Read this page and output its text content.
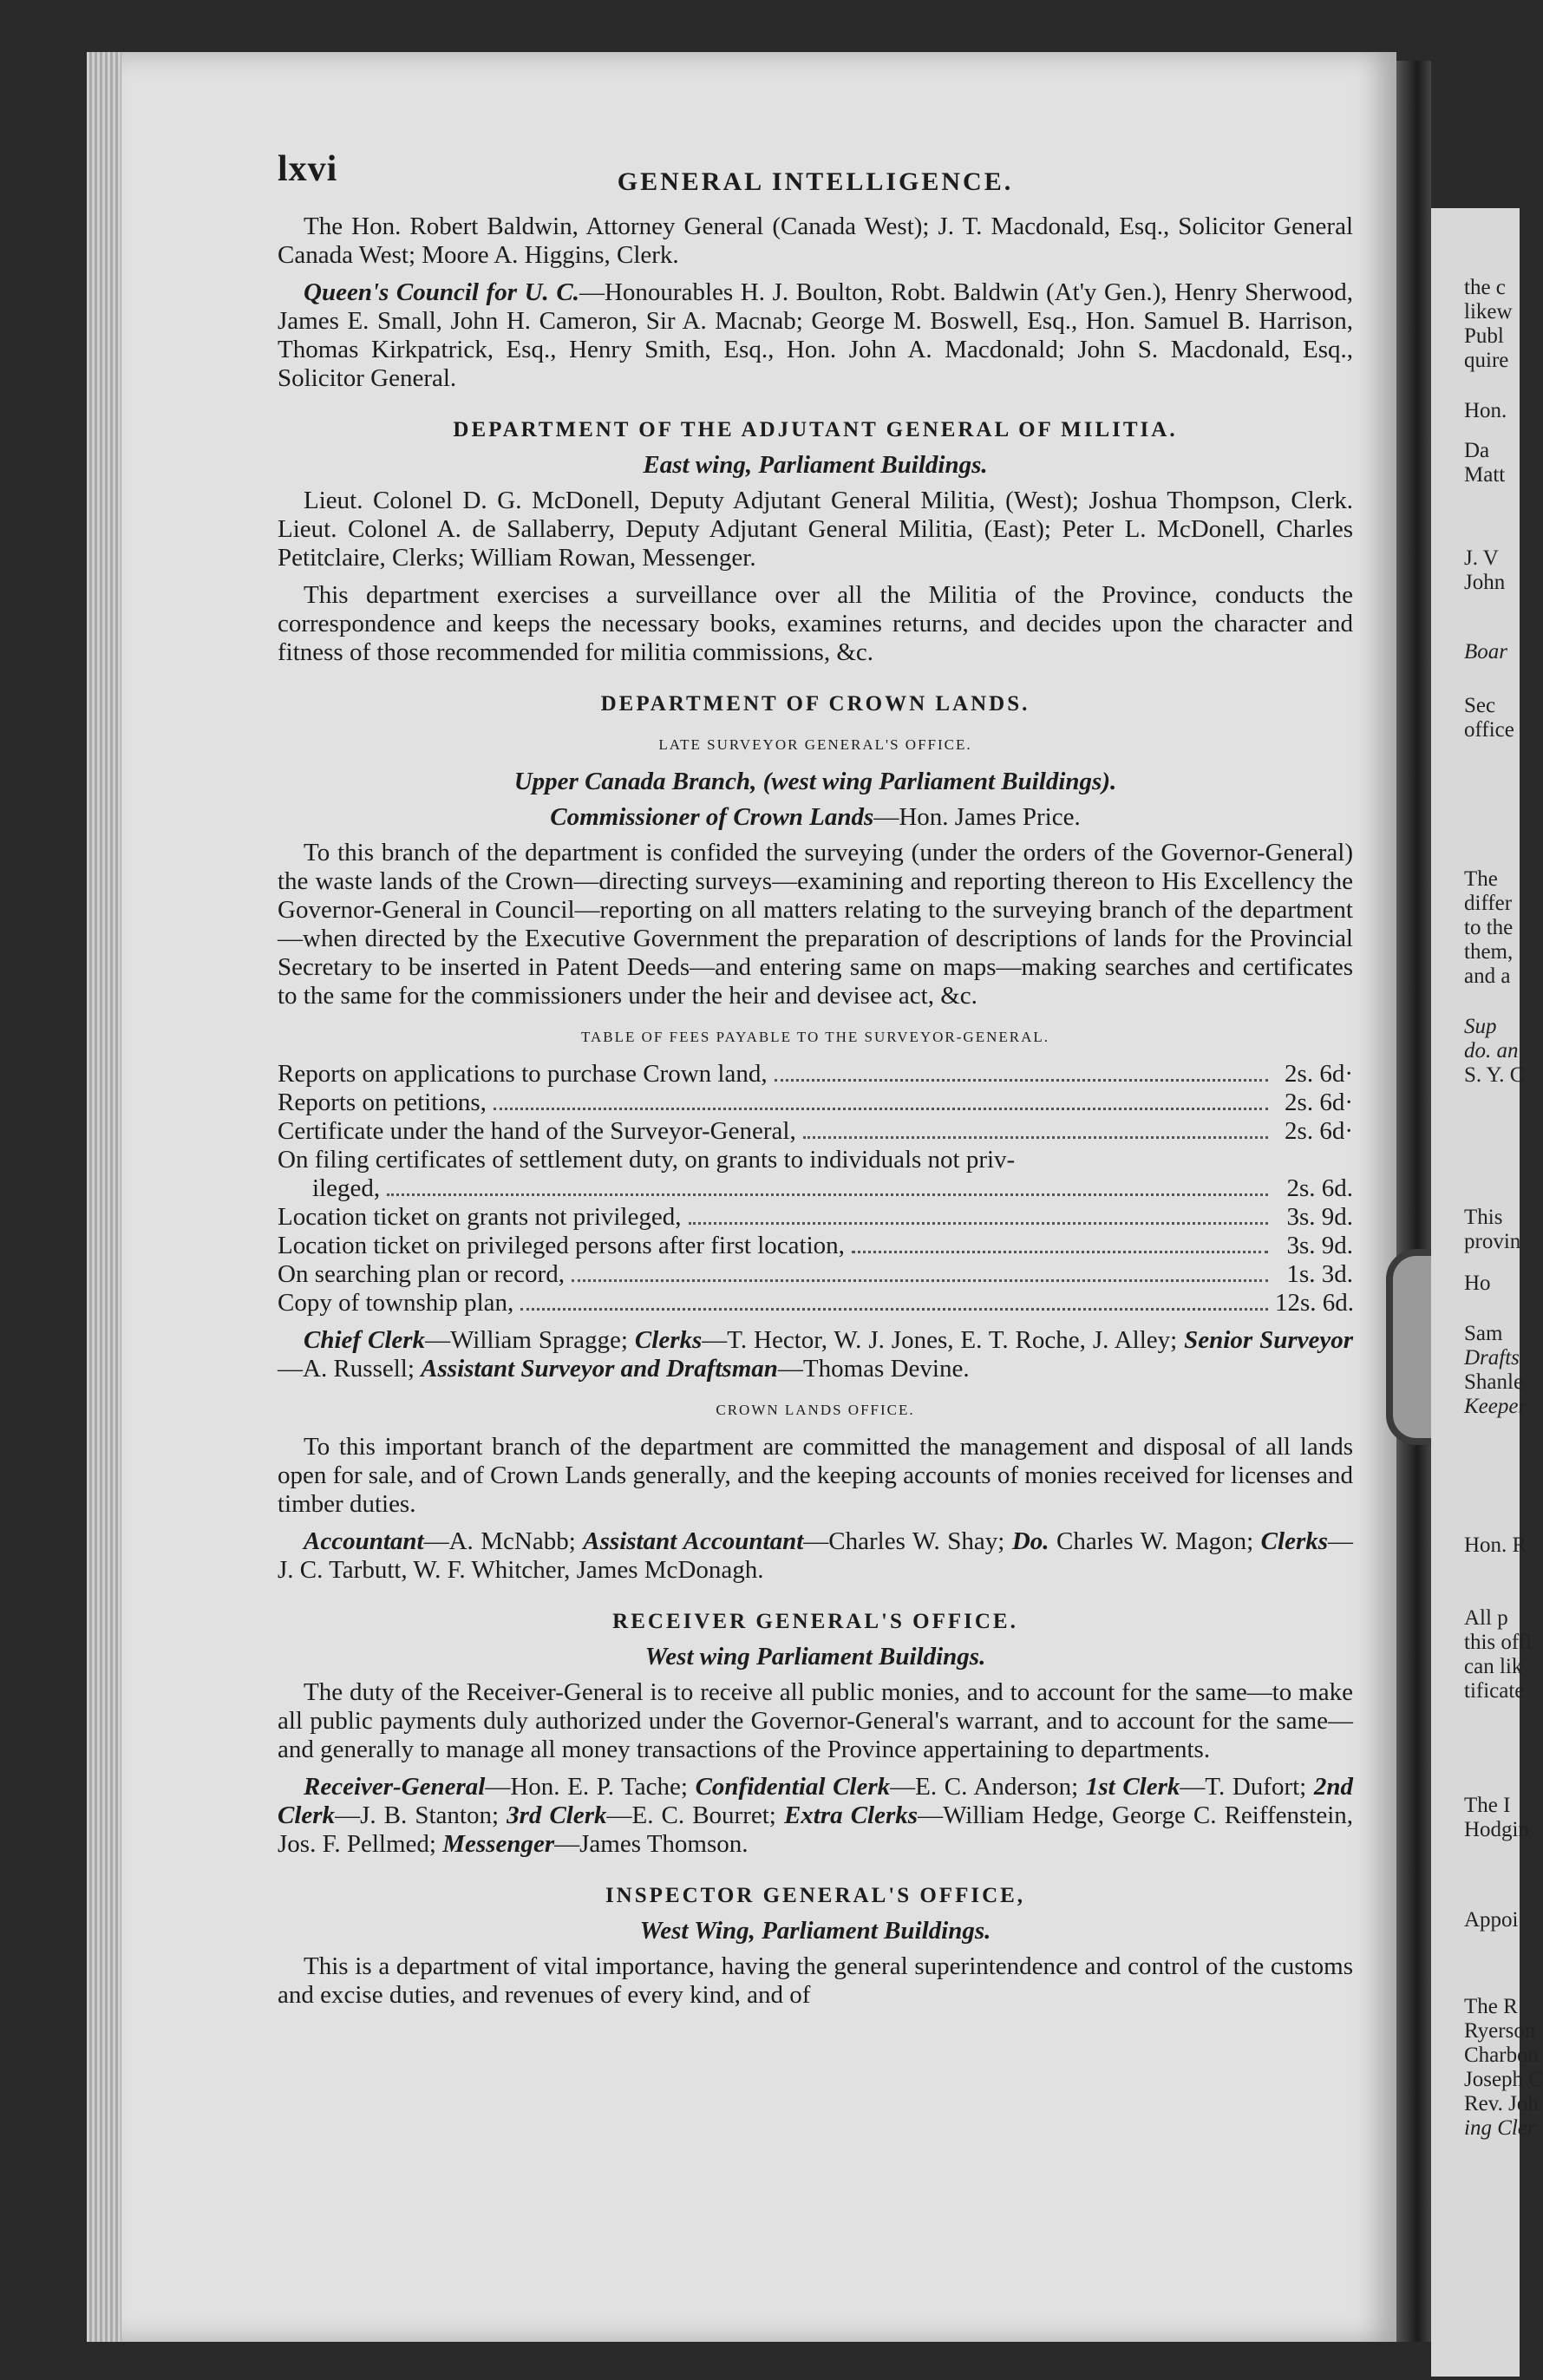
the c
likew
Publ
quire
Hon.
Da
Matt
J. V
John
Boar
Sec
office
The
differ
to the
them,
and a
Sup
do. an
S. Y. C
This
provin
Ho
Sam
Drafts
Shanle
Keeper
Hon. R
All p
this offi
can lik
tificate
The I
Hodgin
Appoi
The R
Ryerson
Charbon
Joseph C
Rev. Joh
ing Cler
lxvi	GENERAL INTELLIGENCE.

The Hon. Robert Baldwin, Attorney General (Canada West); J. T. Macdonald, Esq., Solicitor General Canada West; Moore A. Higgins, Clerk.

Queen's Council for U. C.—Honourables H. J. Boulton, Robt. Baldwin (At'y Gen.), Henry Sherwood, James E. Small, John H. Cameron, Sir A. Macnab; George M. Boswell, Esq., Hon. Samuel B. Harrison, Thomas Kirkpatrick, Esq., Henry Smith, Esq., Hon. John A. Macdonald; John S. Macdonald, Esq., Solicitor General.

DEPARTMENT OF THE ADJUTANT GENERAL OF MILITIA.
East wing, Parliament Buildings.

Lieut. Colonel D. G. McDonell, Deputy Adjutant General Militia, (West); Joshua Thompson, Clerk. Lieut. Colonel A. de Sallaberry, Deputy Adjutant General Militia, (East); Peter L. McDonell, Charles Petitclaire, Clerks; William Rowan, Messenger.

This department exercises a surveillance over all the Militia of the Province, conducts the correspondence and keeps the necessary books, examines returns, and decides upon the character and fitness of those recommended for militia commissions, &c.

DEPARTMENT OF CROWN LANDS.
LATE SURVEYOR GENERAL'S OFFICE.
Upper Canada Branch, (west wing Parliament Buildings).
Commissioner of Crown Lands—Hon. James Price.

To this branch of the department is confided the surveying (under the orders of the Governor-General) the waste lands of the Crown—directing surveys—examining and reporting thereon to His Excellency the Governor-General in Council—reporting on all matters relating to the surveying branch of the department—when directed by the Executive Government the preparation of descriptions of lands for the Provincial Secretary to be inserted in Patent Deeds—and entering same on maps—making searches and certificates to the same for the commissioners under the heir and devisee act, &c.

TABLE OF FEES PAYABLE TO THE SURVEYOR-GENERAL.
Reports on applications to purchase Crown land,	2s. 6d·
Reports on petitions,	2s. 6d·
Certificate under the hand of the Surveyor-General,	2s. 6d·
On filing certificates of settlement duty, on grants to individuals not priv-
ileged,	2s. 6d.
Location ticket on grants not privileged,	3s. 9d.
Location ticket on privileged persons after first location,	3s. 9d.
On searching plan or record,	1s. 3d.
Copy of township plan,	12s. 6d.

Chief Clerk—William Spragge; Clerks—T. Hector, W. J. Jones, E. T. Roche, J. Alley; Senior Surveyor—A. Russell; Assistant Surveyor and Draftsman—Thomas Devine.

CROWN LANDS OFFICE.

To this important branch of the department are committed the management and disposal of all lands open for sale, and of Crown Lands generally, and the keeping accounts of monies received for licenses and timber duties.

Accountant—A. McNabb; Assistant Accountant—Charles W. Shay; Do. Charles W. Magon; Clerks—J. C. Tarbutt, W. F. Whitcher, James McDonagh.

RECEIVER GENERAL'S OFFICE.
West wing Parliament Buildings.

The duty of the Receiver-General is to receive all public monies, and to account for the same—to make all public payments duly authorized under the Governor-General's warrant, and to account for the same—and generally to manage all money transactions of the Province appertaining to departments.

Receiver-General—Hon. E. P. Tache; Confidential Clerk—E. C. Anderson; 1st Clerk—T. Dufort; 2nd Clerk—J. B. Stanton; 3rd Clerk—E. C. Bourret; Extra Clerks—William Hedge, George C. Reiffenstein, Jos. F. Pellmed; Messenger—James Thomson.

INSPECTOR GENERAL'S OFFICE,
West Wing, Parliament Buildings.

This is a department of vital importance, having the general superintendence and control of the customs and excise duties, and revenues of every kind, and of
